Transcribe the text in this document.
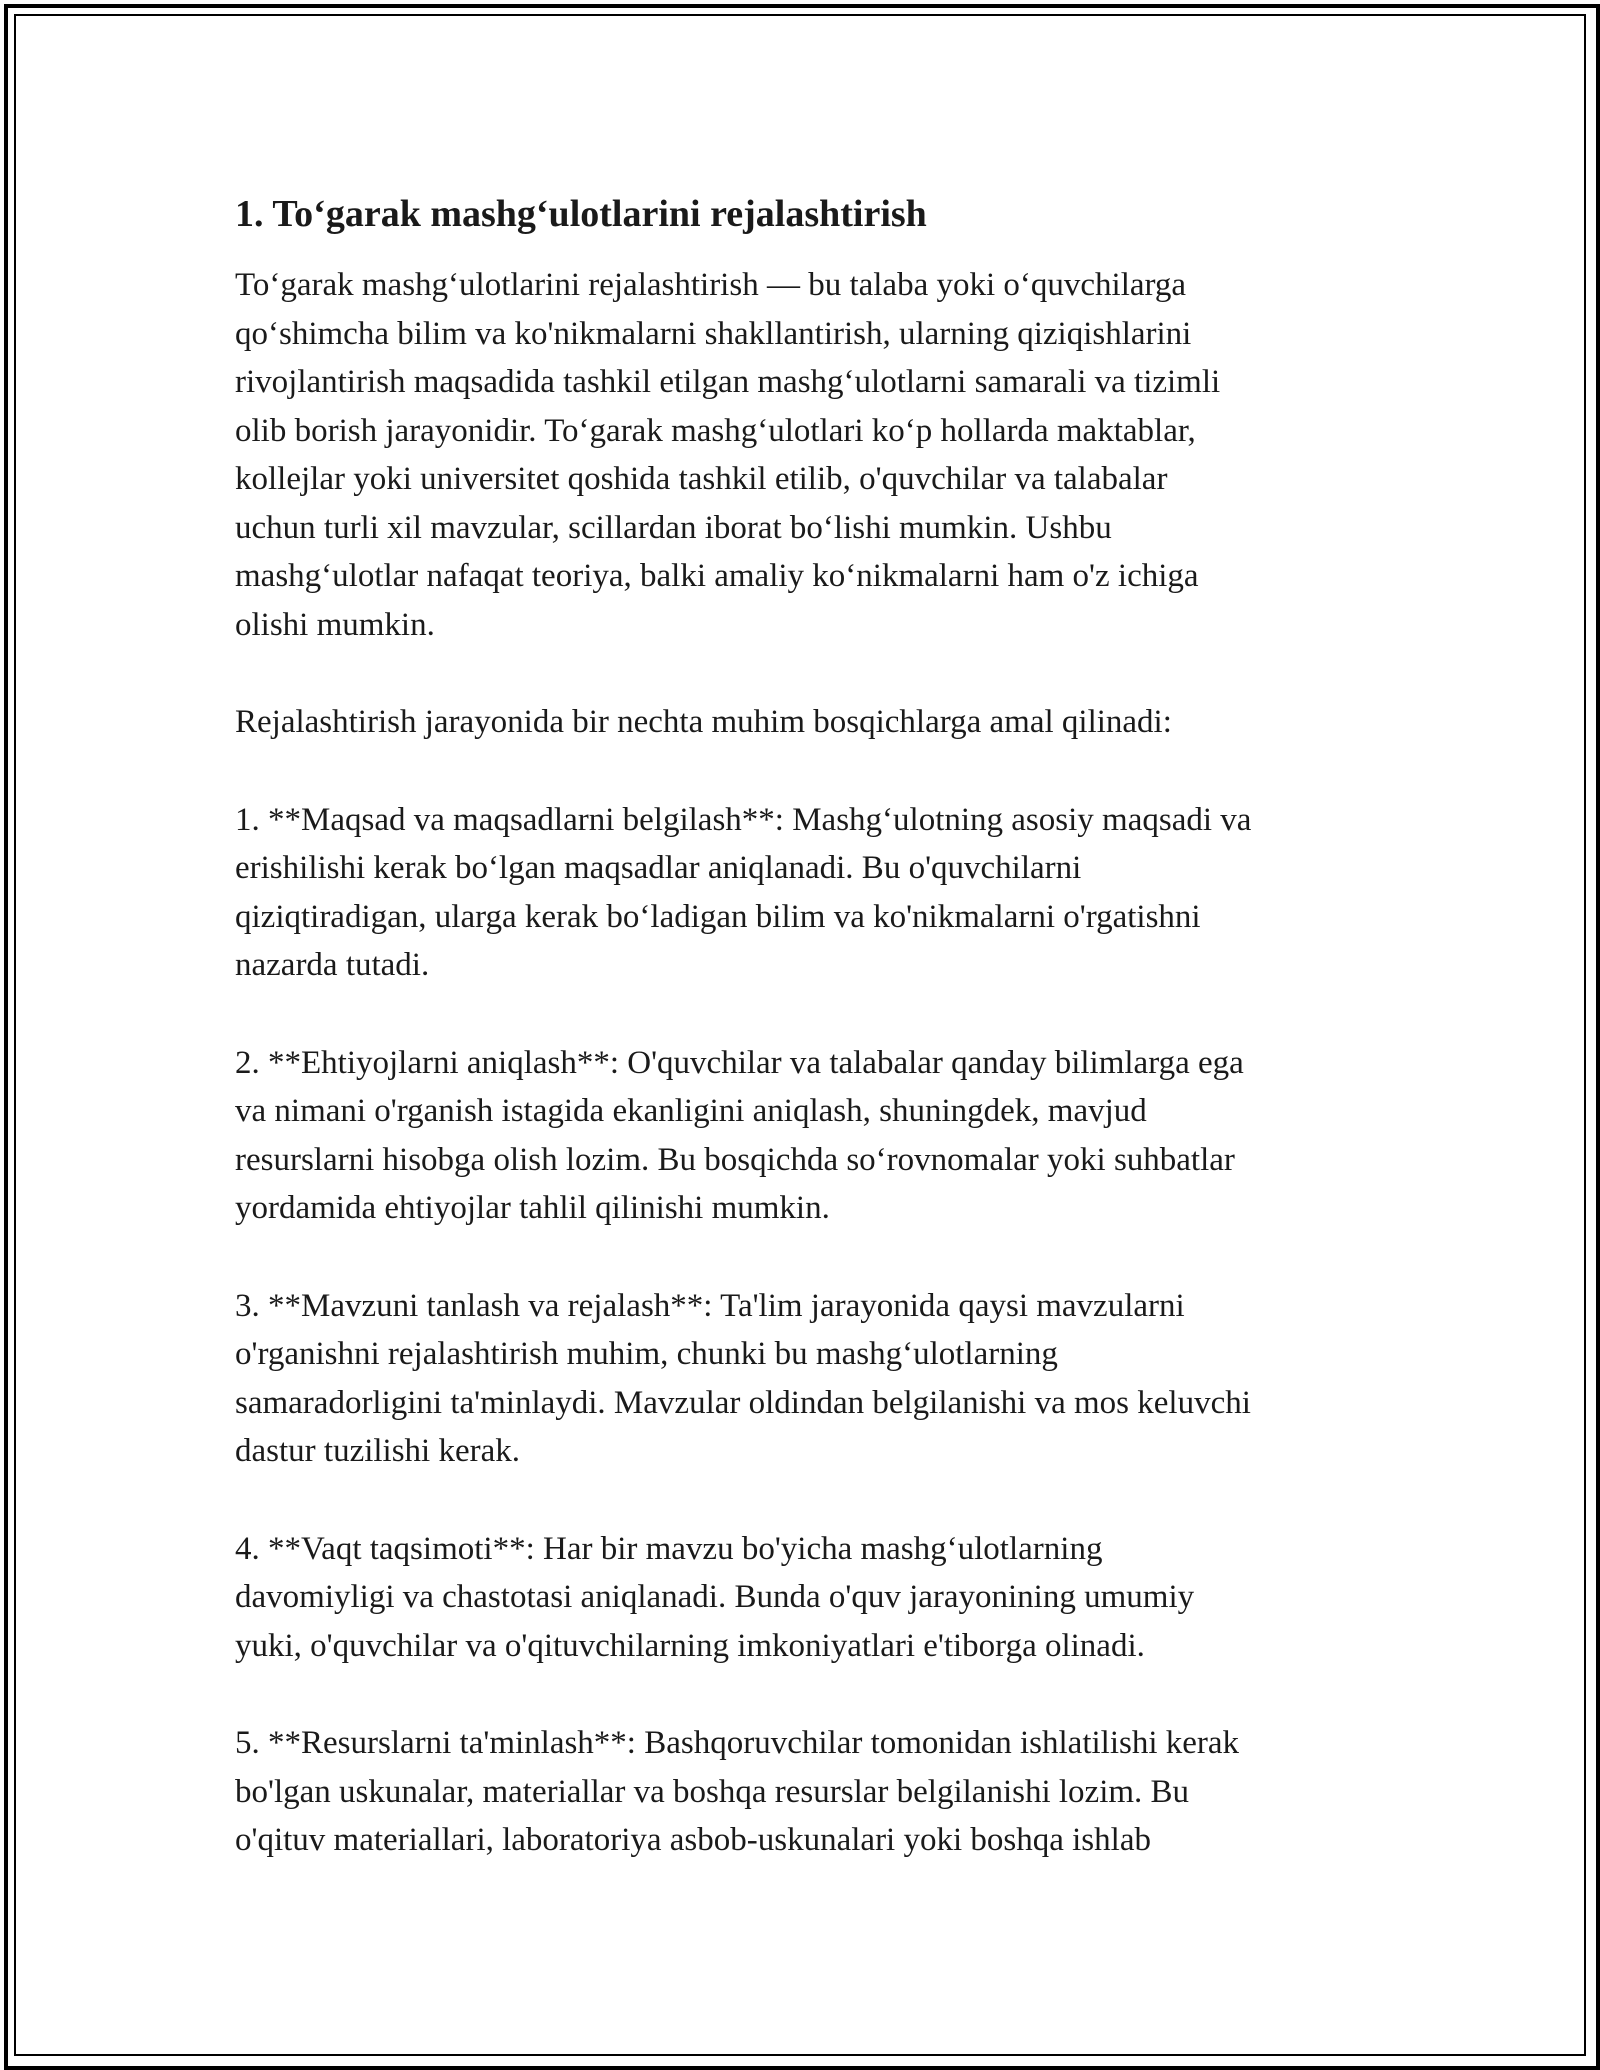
1. To‘garak mashg‘ulotlarini rejalashtirish

To‘garak mashg‘ulotlarini rejalashtirish — bu talaba yoki o‘quvchilarga
qo‘shimcha bilim va ko'nikmalarni shakllantirish, ularning qiziqishlarini
rivojlantirish maqsadida tashkil etilgan mashg‘ulotlarni samarali va tizimli
olib borish jarayonidir. To‘garak mashg‘ulotlari ko‘p hollarda maktablar,
kollejlar yoki universitet qoshida tashkil etilib, o'quvchilar va talabalar
uchun turli xil mavzular, scillardan iborat bo‘lishi mumkin. Ushbu
mashg‘ulotlar nafaqat teoriya, balki amaliy ko‘nikmalarni ham o'z ichiga
olishi mumkin.

Rejalashtirish jarayonida bir nechta muhim bosqichlarga amal qilinadi:

1. **Maqsad va maqsadlarni belgilash**: Mashg‘ulotning asosiy maqsadi va
erishilishi kerak bo‘lgan maqsadlar aniqlanadi. Bu o'quvchilarni
qiziqtiradigan, ularga kerak bo‘ladigan bilim va ko'nikmalarni o'rgatishni
nazarda tutadi.

2. **Ehtiyojlarni aniqlash**: O'quvchilar va talabalar qanday bilimlarga ega
va nimani o'rganish istagida ekanligini aniqlash, shuningdek, mavjud
resurslarni hisobga olish lozim. Bu bosqichda so‘rovnomalar yoki suhbatlar
yordamida ehtiyojlar tahlil qilinishi mumkin.

3. **Mavzuni tanlash va rejalash**: Ta'lim jarayonida qaysi mavzularni
o'rganishni rejalashtirish muhim, chunki bu mashg‘ulotlarning
samaradorligini ta'minlaydi. Mavzular oldindan belgilanishi va mos keluvchi
dastur tuzilishi kerak.

4. **Vaqt taqsimoti**: Har bir mavzu bo'yicha mashg‘ulotlarning
davomiyligi va chastotasi aniqlanadi. Bunda o'quv jarayonining umumiy
yuki, o'quvchilar va o'qituvchilarning imkoniyatlari e'tiborga olinadi.

5. **Resurslarni ta'minlash**: Bashqoruvchilar tomonidan ishlatilishi kerak
bo'lgan uskunalar, materiallar va boshqa resurslar belgilanishi lozim. Bu
o'qituv materiallari, laboratoriya asbob-uskunalari yoki boshqa ishlab
